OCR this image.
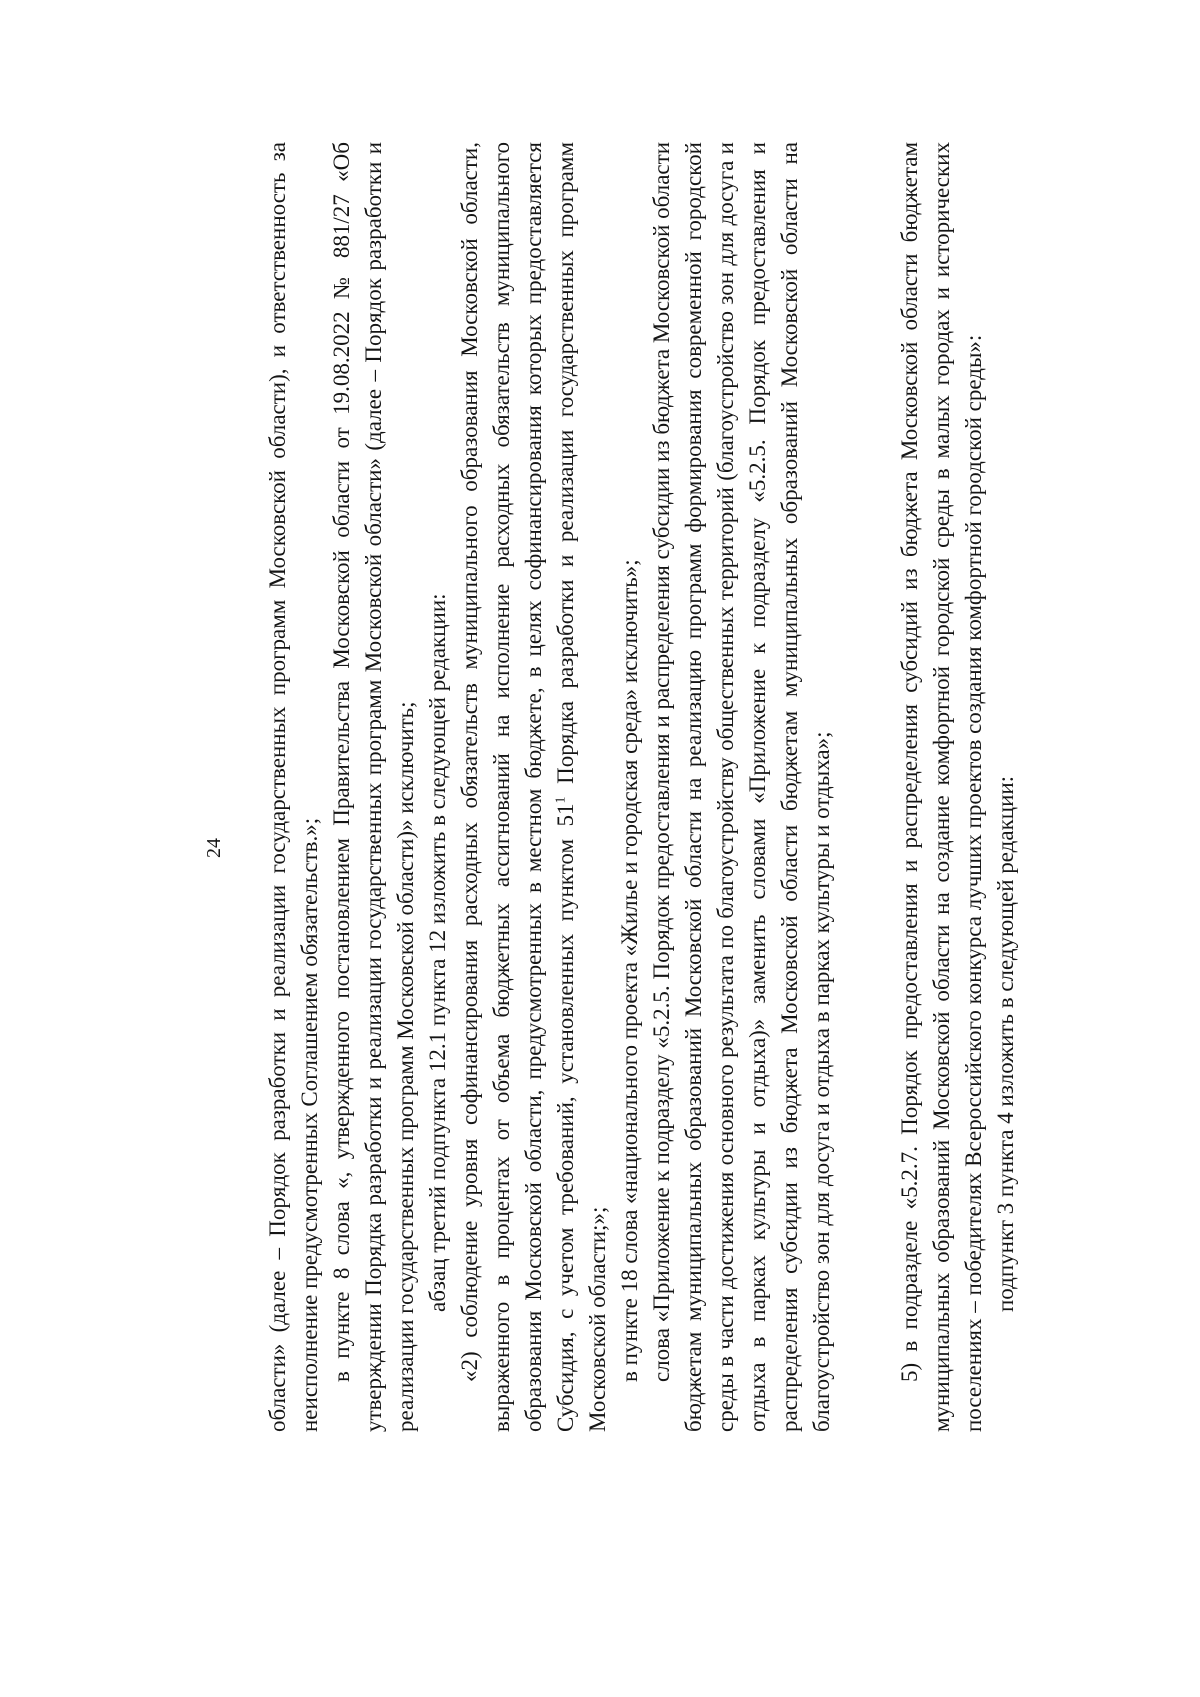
24 области» (далее – Порядок разработки и реализации государственных программ Московской области), и ответственность за неисполнение предусмотренных Соглашением обязательств.»; в пункте 8 слова «, утвержденного постановлением Правительства Московской области от 19.08.2022 № 881/27 «Об утверждении Порядка разработки и реализации государственных программ Московской области» (далее – Порядок разработки и реализации государственных программ Московской области)» исключить; абзац третий подпункта 12.1 пункта 12 изложить в следующей редакции: «2) соблюдение уровня софинансирования расходных обязательств муниципального образования Московской области, выраженного в процентах от объема бюджетных ассигнований на исполнение расходных обязательств муниципального образования Московской области, предусмотренных в местном бюджете, в целях софинансирования которых предоставляется Субсидия, с учетом требований, установленных пунктом $51^1$ Порядка разработки и реализации государственных программ Московской области;»; в пункте 18 слова «национального проекта «Жилье и городская среда» исключить»; слова «Приложение к подразделу «5.2.5. Порядок предоставления и распределения субсидии из бюджета Московской области бюджетам муниципальных образований Московской области на реализацию программ формирования современной городской среды в части достижения основного результата по благоустройству общественных территорий (благоустройство зон для досуга и отдыха в парках культуры и отдыха)» заменить словами «Приложение к подразделу «5.2.5. Порядок предоставления и распределения субсидии из бюджета Московской области бюджетам муниципальных образований Московской области на благоустройство зон для досуга и отдыха в парках культуры и отдыха»;	5) в подразделе «5.2.7. Порядок предоставления и распределения субсидий из бюджета Московской области бюджетам муниципальных образований Московской области на создание комфортной городской среды в малых городах и исторических поселениях – победителях Всероссийского конкурса лучших проектов создания комфортной городской среды»: подпункт 3 пункта 4 изложить в следующей редакции:
